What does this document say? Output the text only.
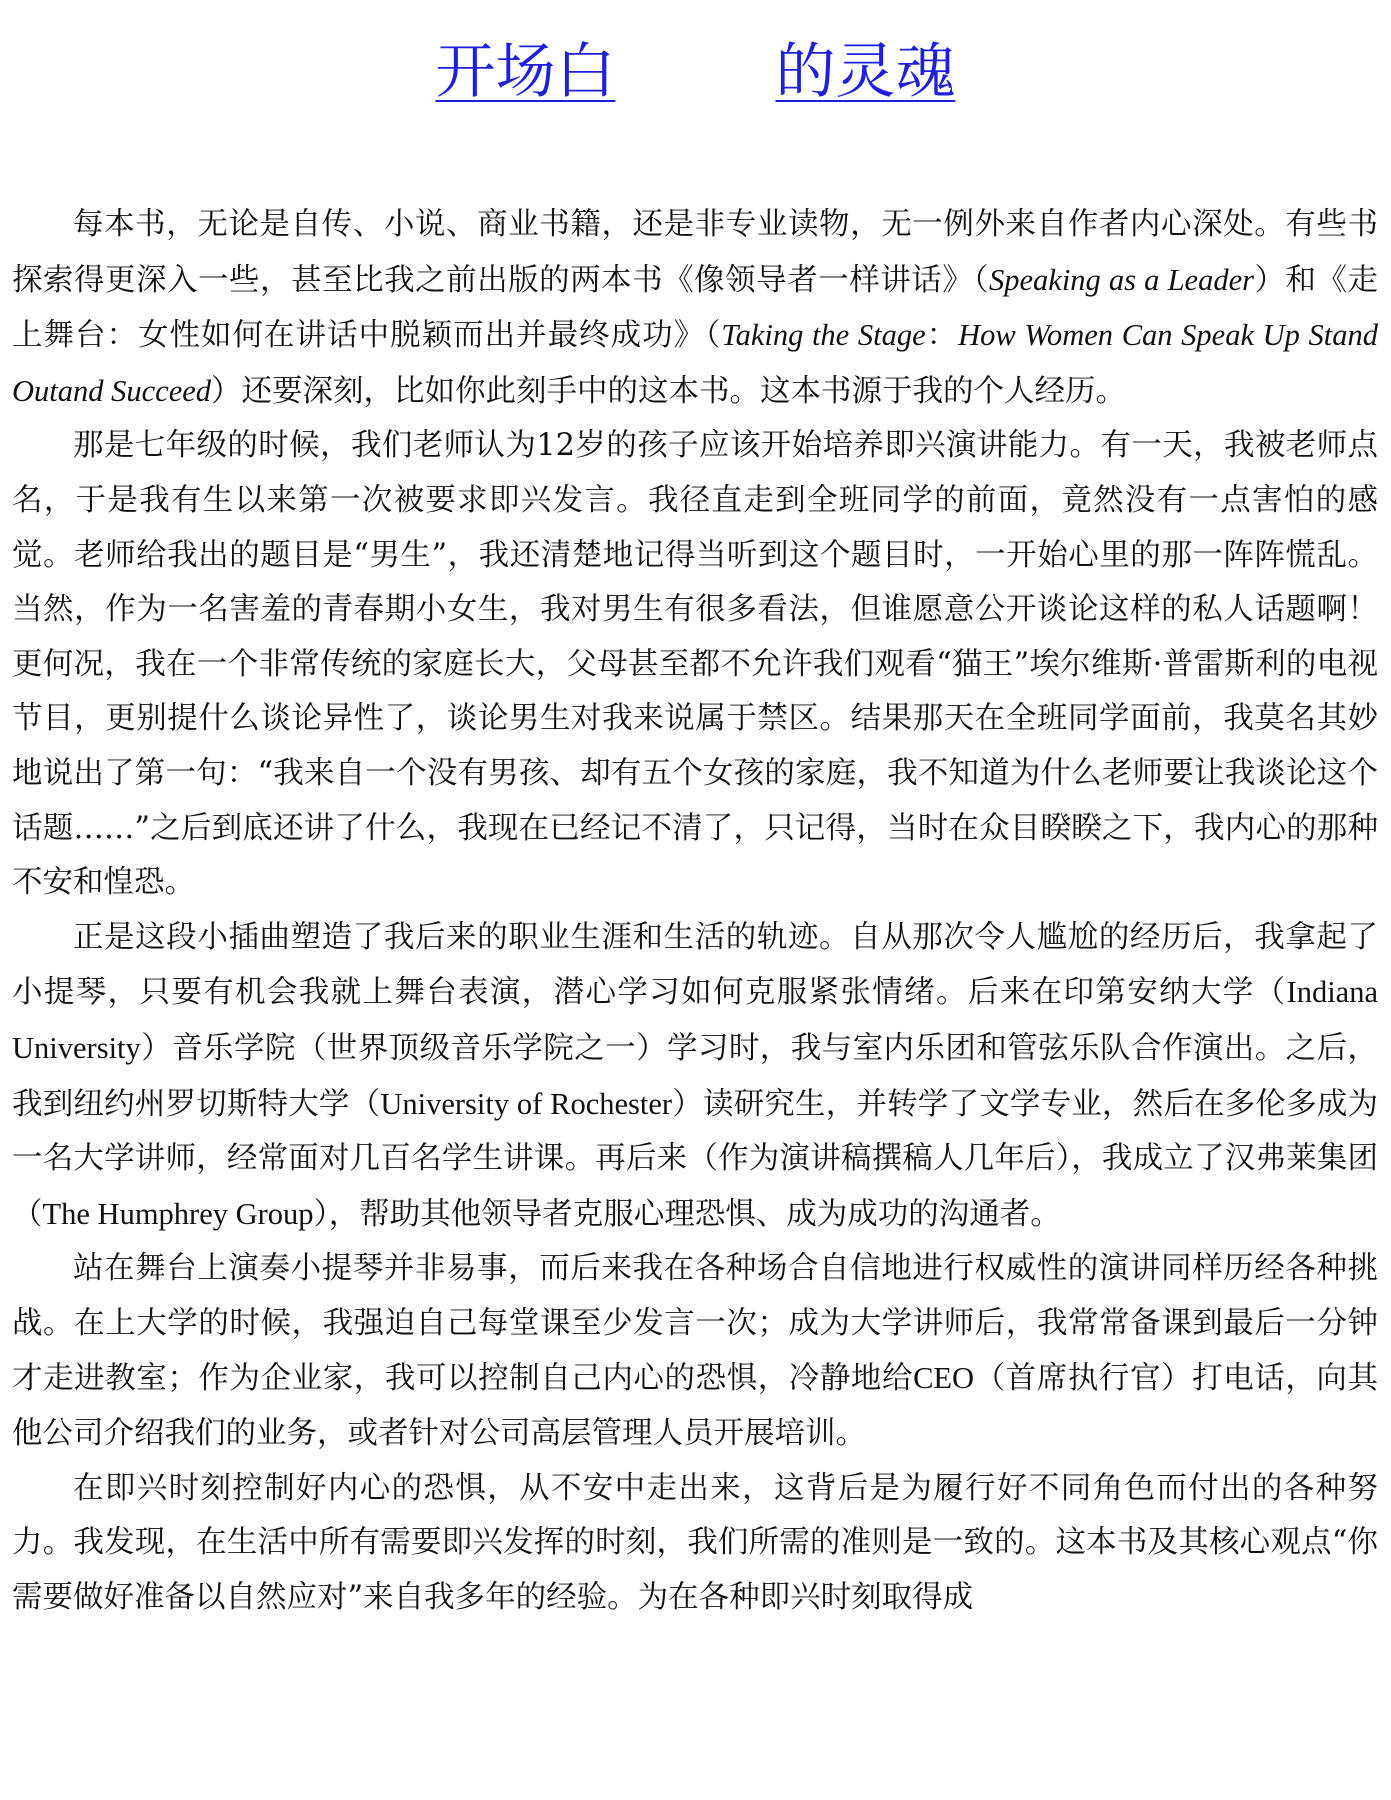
开场白	的灵魂

每本书，无论是自传、小说、商业书籍，还是非专业读物，无一例外来自作者内心深处。有些书探索得更深入一些，甚至比我之前出版的两本书《像领导者一样讲话》（Speaking as a Leader）和《走上舞台：女性如何在讲话中脱颖而出并最终成功》（Taking the Stage：How Women Can Speak Up Stand Outand Succeed）还要深刻，比如你此刻手中的这本书。这本书源于我的个人经历。

那是七年级的时候，我们老师认为12岁的孩子应该开始培养即兴演讲能力。有一天，我被老师点名，于是我有生以来第一次被要求即兴发言。我径直走到全班同学的前面，竟然没有一点害怕的感觉。老师给我出的题目是“男生”，我还清楚地记得当听到这个题目时，一开始心里的那一阵阵慌乱。当然，作为一名害羞的青春期小女生，我对男生有很多看法，但谁愿意公开谈论这样的私人话题啊！更何况，我在一个非常传统的家庭长大，父母甚至都不允许我们观看“猫王”埃尔维斯·普雷斯利的电视节目，更别提什么谈论异性了，谈论男生对我来说属于禁区。结果那天在全班同学面前，我莫名其妙地说出了第一句：“我来自一个没有男孩、却有五个女孩的家庭，我不知道为什么老师要让我谈论这个话题……”之后到底还讲了什么，我现在已经记不清了，只记得，当时在众目睽睽之下，我内心的那种不安和惶恐。

正是这段小插曲塑造了我后来的职业生涯和生活的轨迹。自从那次令人尴尬的经历后，我拿起了小提琴，只要有机会我就上舞台表演，潜心学习如何克服紧张情绪。后来在印第安纳大学（Indiana University）音乐学院（世界顶级音乐学院之一）学习时，我与室内乐团和管弦乐队合作演出。之后，我到纽约州罗切斯特大学（University of Rochester）读研究生，并转学了文学专业，然后在多伦多成为一名大学讲师，经常面对几百名学生讲课。再后来（作为演讲稿撰稿人几年后），我成立了汉弗莱集团（The Humphrey Group），帮助其他领导者克服心理恐惧、成为成功的沟通者。

站在舞台上演奏小提琴并非易事，而后来我在各种场合自信地进行权威性的演讲同样历经各种挑战。在上大学的时候，我强迫自己每堂课至少发言一次；成为大学讲师后，我常常备课到最后一分钟才走进教室；作为企业家，我可以控制自己内心的恐惧，冷静地给CEO（首席执行官）打电话，向其他公司介绍我们的业务，或者针对公司高层管理人员开展培训。

在即兴时刻控制好内心的恐惧，从不安中走出来，这背后是为履行好不同角色而付出的各种努力。我发现，在生活中所有需要即兴发挥的时刻，我们所需的准则是一致的。这本书及其核心观点“你需要做好准备以自然应对”来自我多年的经验。为在各种即兴时刻取得成
